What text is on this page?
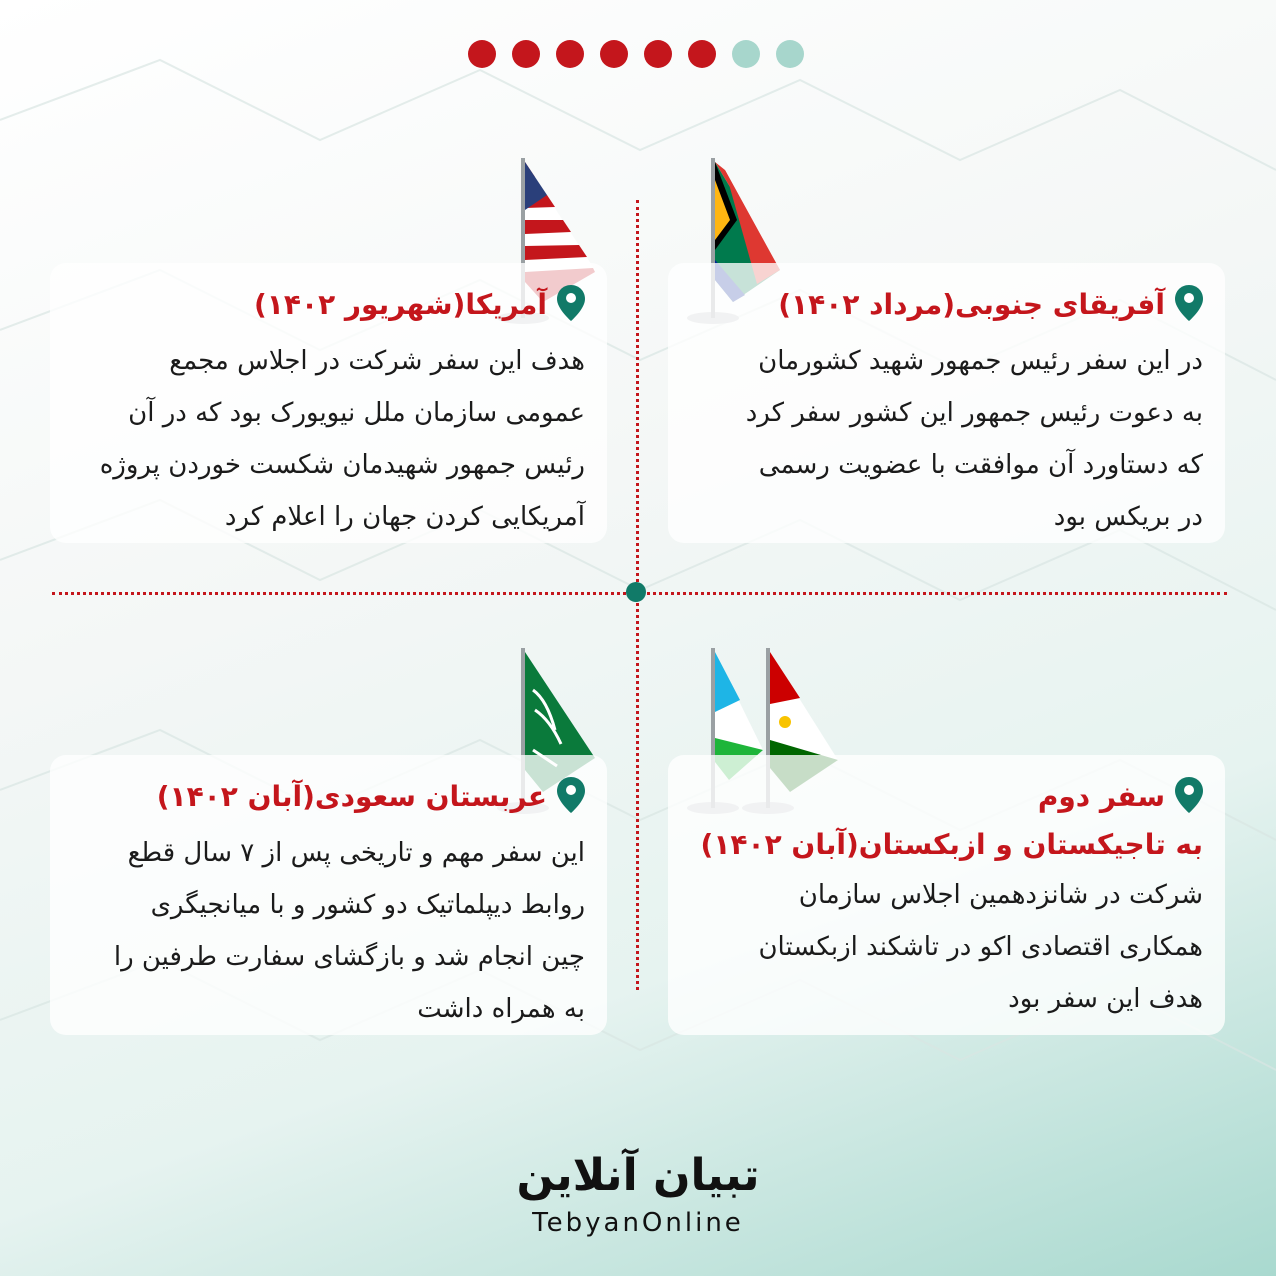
آفریقای جنوبی(مرداد ۱۴۰۲)
در این سفر رئیس جمهور شهید کشورمان
به دعوت رئیس جمهور این کشور سفر کرد
که دستاورد آن موافقت با عضویت رسمی
در بریکس بود
آمریکا(شهریور ۱۴۰۲)
هدف این سفر شرکت در اجلاس مجمع
عمومی سازمان ملل نیویورک بود که در آن
رئیس جمهور شهیدمان شکست خوردن پروژه
آمریکایی کردن جهان را اعلام کرد
سفر دوم
به تاجیکستان و ازبکستان(آبان ۱۴۰۲)
شرکت در شانزدهمین اجلاس سازمان
همکاری اقتصادی اکو در تاشکند ازبکستان
هدف این سفر بود
عربستان سعودی(آبان ۱۴۰۲)
این سفر مهم و تاریخی پس از ۷ سال قطع
روابط دیپلماتیک دو کشور و با میانجیگری
چین انجام شد و بازگشای سفارت طرفین را
به همراه داشت
تبیان آنلاین
TebyanOnline
